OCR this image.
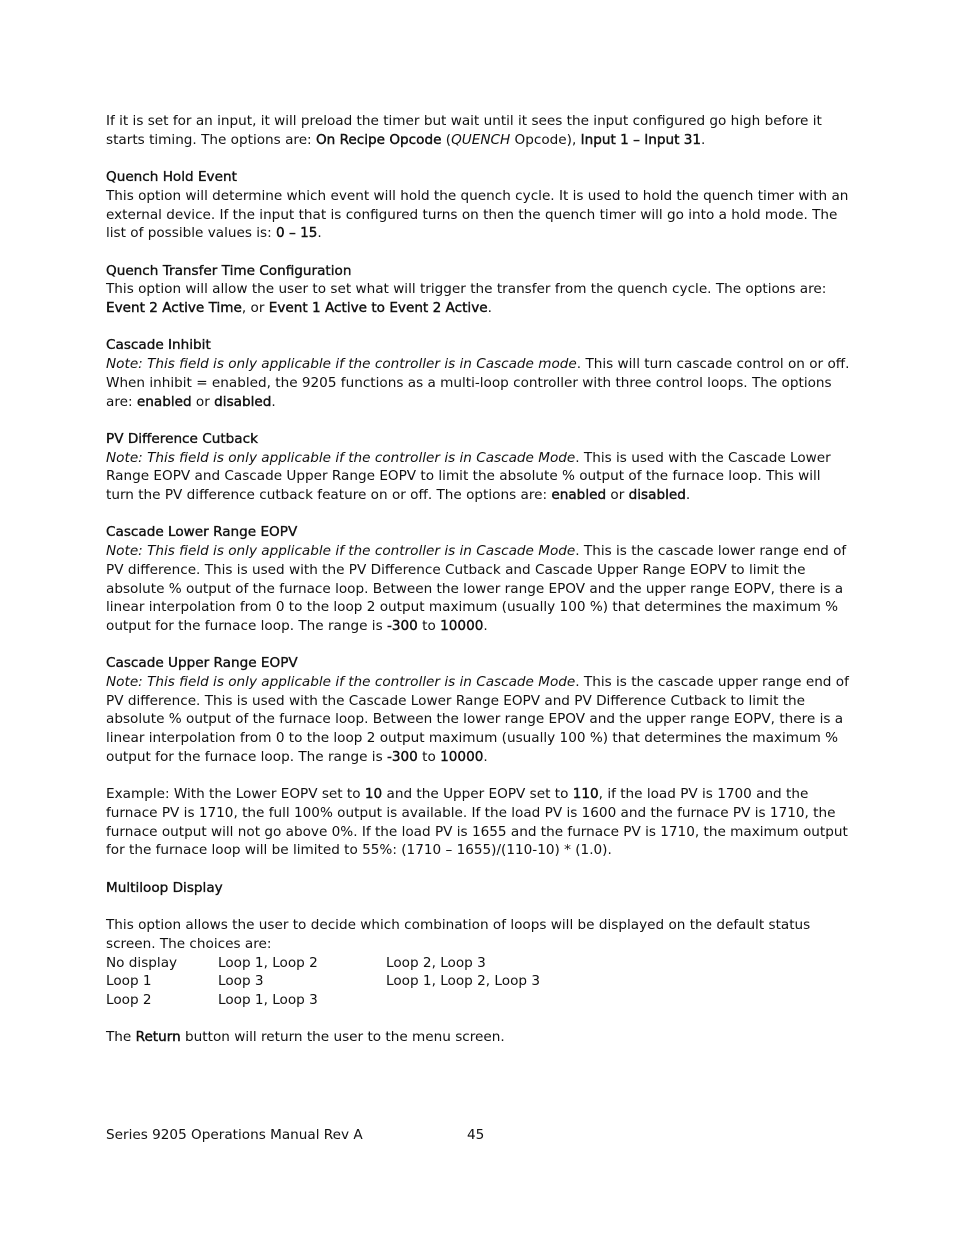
If it is set for an input, it will preload the timer but wait until it sees the input configured go high before it starts timing. The options are: On Recipe Opcode (QUENCH Opcode), Input 1 – Input 31.

Quench Hold Event

This option will determine which event will hold the quench cycle. It is used to hold the quench timer with an external device. If the input that is configured turns on then the quench timer will go into a hold mode. The list of possible values is: 0 – 15.

Quench Transfer Time Configuration

This option will allow the user to set what will trigger the transfer from the quench cycle. The options are: Event 2 Active Time, or Event 1 Active to Event 2 Active.

Cascade Inhibit

Note: This field is only applicable if the controller is in Cascade mode. This will turn cascade control on or off. When inhibit = enabled, the 9205 functions as a multi-loop controller with three control loops. The options are: enabled or disabled.

PV Difference Cutback

Note: This field is only applicable if the controller is in Cascade Mode. This is used with the Cascade Lower Range EOPV and Cascade Upper Range EOPV to limit the absolute % output of the furnace loop. This will turn the PV difference cutback feature on or off. The options are: enabled or disabled.

Cascade Lower Range EOPV

Note: This field is only applicable if the controller is in Cascade Mode. This is the cascade lower range end of PV difference. This is used with the PV Difference Cutback and Cascade Upper Range EOPV to limit the absolute % output of the furnace loop. Between the lower range EPOV and the upper range EOPV, there is a linear interpolation from 0 to the loop 2 output maximum (usually 100 %) that determines the maximum % output for the furnace loop. The range is -300 to 10000.

Cascade Upper Range EOPV

Note: This field is only applicable if the controller is in Cascade Mode. This is the cascade upper range end of PV difference. This is used with the Cascade Lower Range EOPV and PV Difference Cutback to limit the absolute % output of the furnace loop. Between the lower range EPOV and the upper range EOPV, there is a linear interpolation from 0 to the loop 2 output maximum (usually 100 %) that determines the maximum % output for the furnace loop. The range is -300 to 10000.

Example: With the Lower EOPV set to 10 and the Upper EOPV set to 110, if the load PV is 1700 and the furnace PV is 1710, the full 100% output is available. If the load PV is 1600 and the furnace PV is 1710, the furnace output will not go above 0%. If the load PV is 1655 and the furnace PV is 1710, the maximum output for the furnace loop will be limited to 55%: (1710 – 1655)/(110-10) * (1.0).

Multiloop Display

This option allows the user to decide which combination of loops will be displayed on the default status screen. The choices are:

No display	Loop 1, Loop 2	Loop 2, Loop 3
Loop 1	Loop 3	Loop 1, Loop 2, Loop 3
Loop 2	Loop 1, Loop 3	

The Return button will return the user to the menu screen.

Series 9205 Operations Manual Rev A	45
